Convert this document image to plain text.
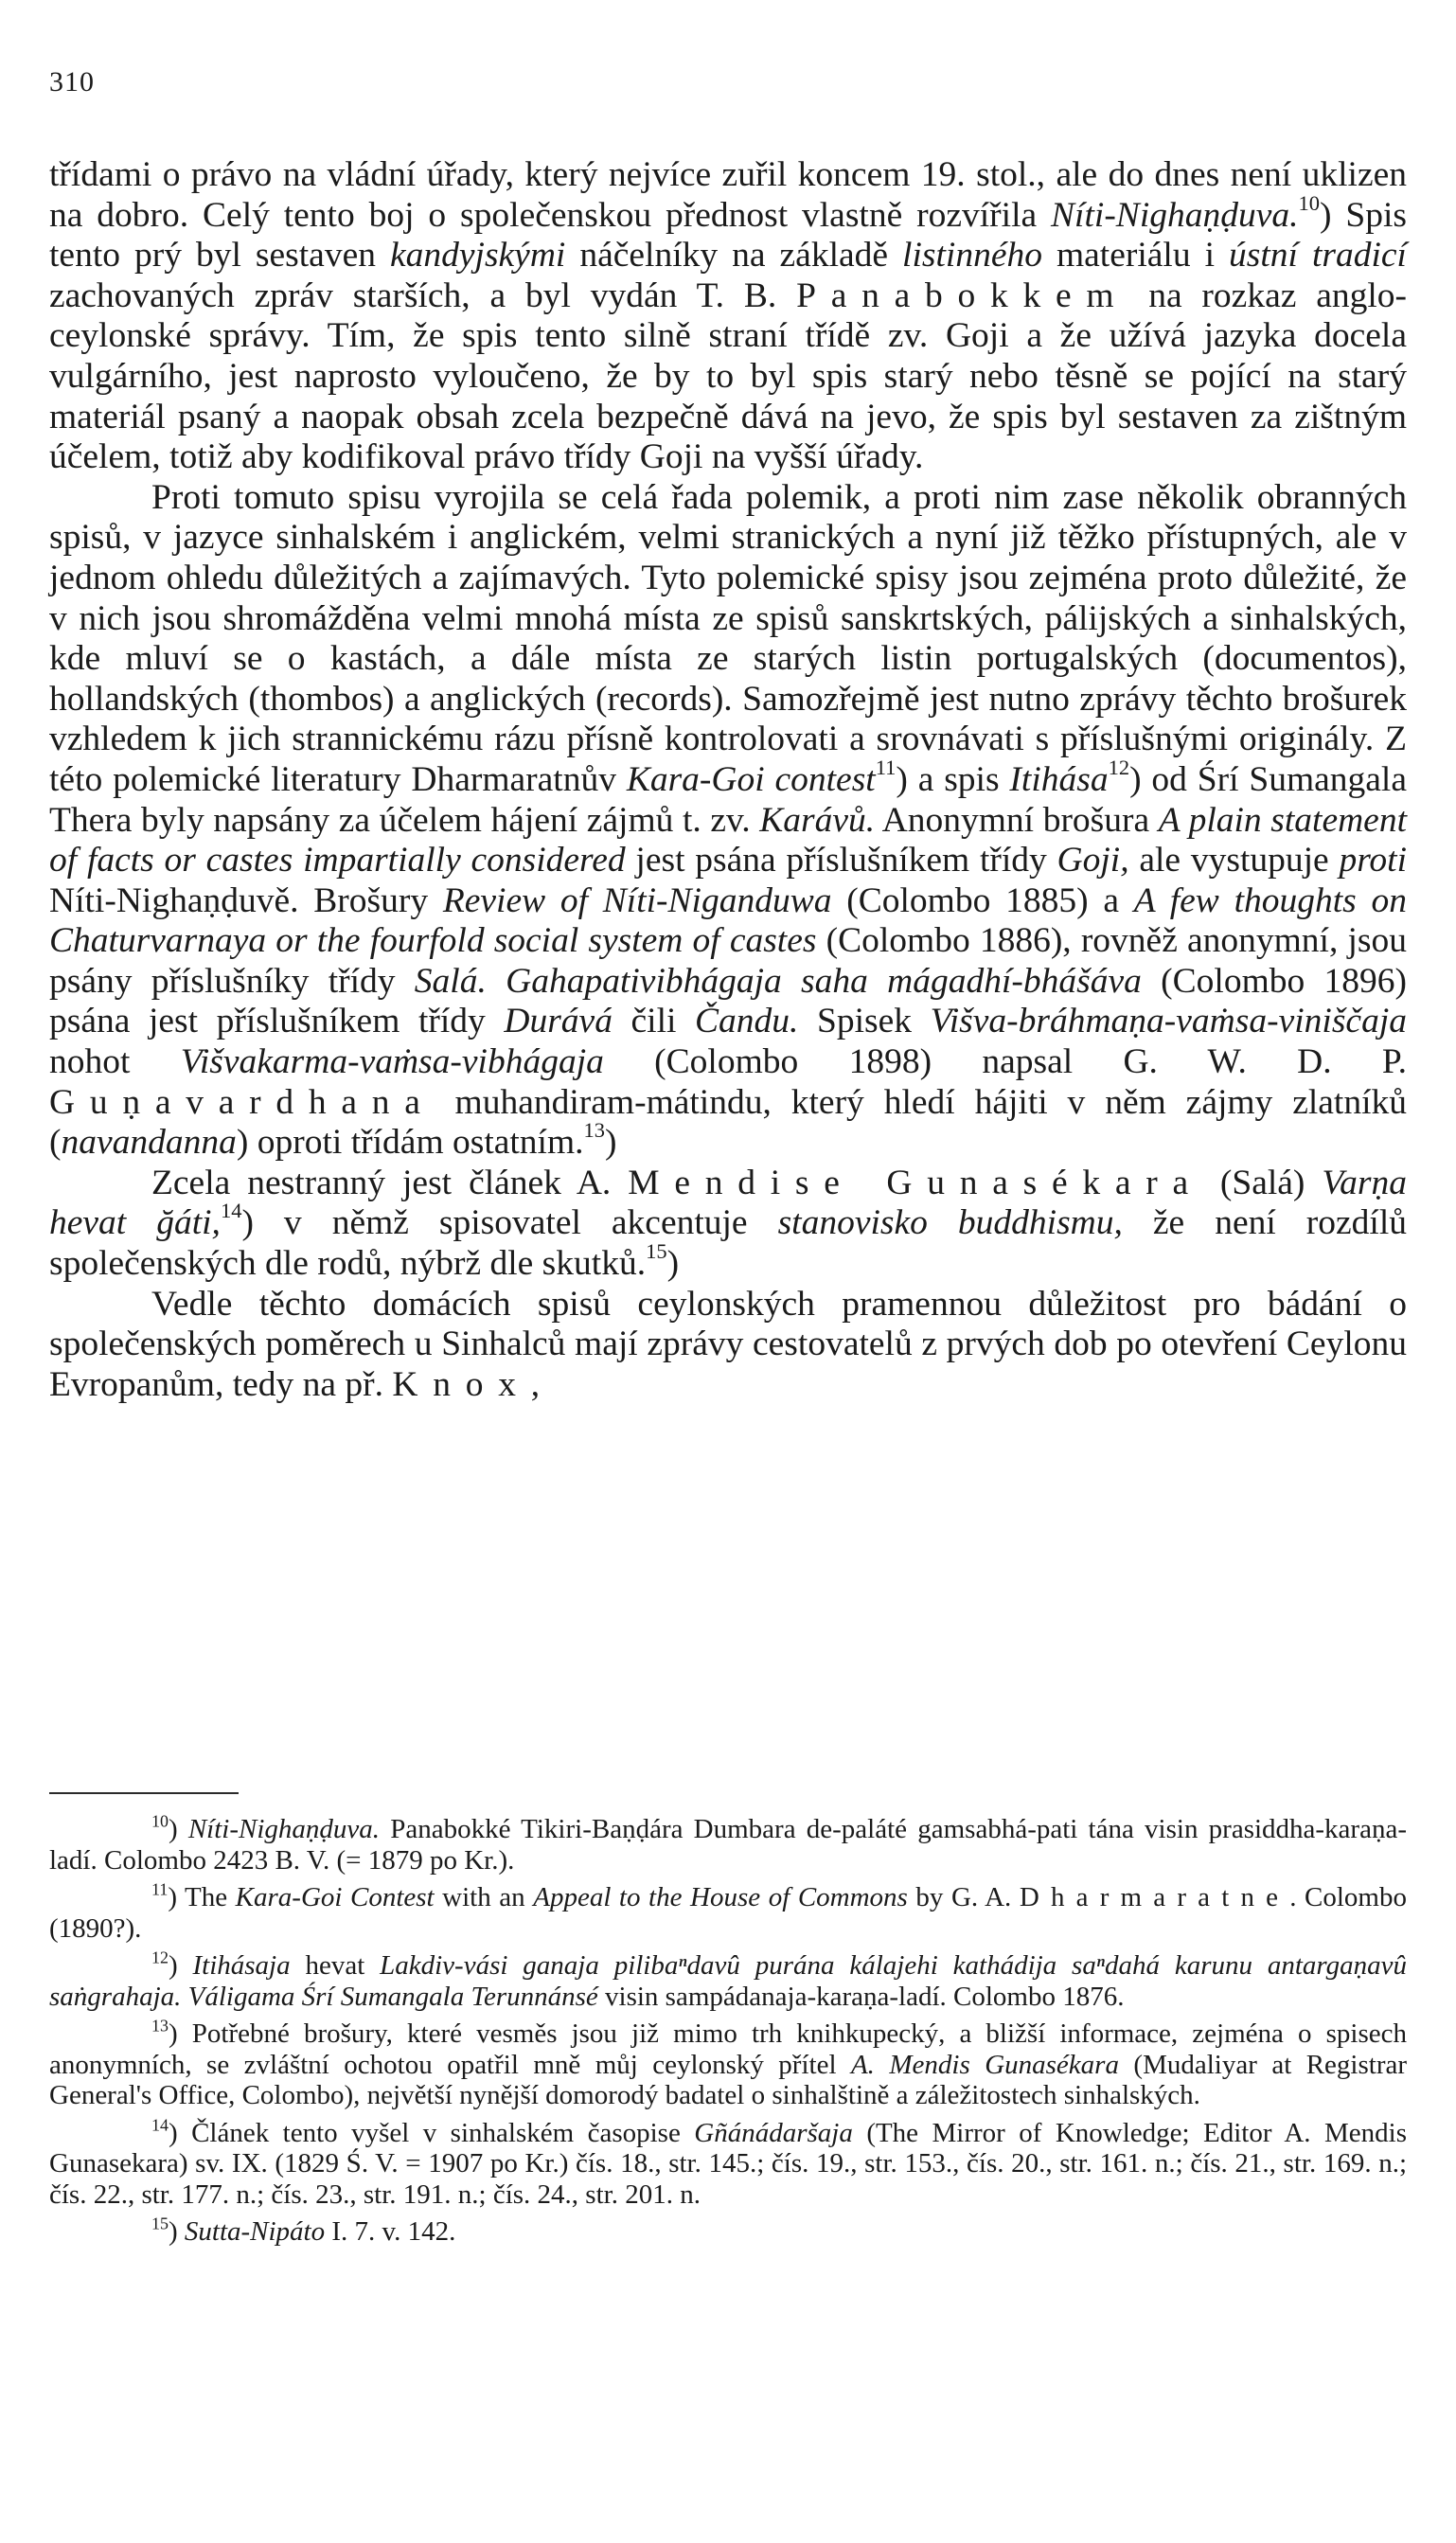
310

třídami o právo na vládní úřady, který nejvíce zuřil koncem 19. stol., ale do dnes není uklizen na dobro. Celý tento boj o společenskou přednost vlastně rozvířila Níti-Nighaṇḍuva.$^{10}$) Spis tento prý byl sestaven kandyjskými náčelníky na základě listinného materiálu i ústní tradicí zachovaných zpráv starších, a byl vydán T. B. Panabokkem na rozkaz anglo-ceylonské správy. Tím, že spis tento silně straní třídě zv. Goji a že užívá jazyka docela vulgárního, jest naprosto vyloučeno, že by to byl spis starý nebo těsně se pojící na starý materiál psaný a naopak obsah zcela bezpečně dává na jevo, že spis byl sestaven za zištným účelem, totiž aby kodifikoval právo třídy Goji na vyšší úřady.

Proti tomuto spisu vyrojila se celá řada polemik, a proti nim zase několik obranných spisů, v jazyce sinhalském i anglickém, velmi stranických a nyní již těžko přístupných, ale v jednom ohledu důležitých a zajímavých. Tyto polemické spisy jsou zejména proto důležité, že v nich jsou shromážděna velmi mnohá místa ze spisů sanskrtských, pálijských a sinhalských, kde mluví se o kastách, a dále místa ze starých listin portugalských (documentos), hollandských (thombos) a anglických (records). Samozřejmě jest nutno zprávy těchto brošurek vzhledem k jich strannickému rázu přísně kontrolovati a srovnávati s příslušnými originály. Z této polemické literatury Dharmaratnův Kara-Goi contest$^{11}$) a spis Itihása$^{12}$) od Śrí Sumangala Thera byly napsány za účelem hájení zájmů t. zv. Karávů. Anonymní brošura A plain statement of facts or castes impartially considered jest psána příslušníkem třídy Goji, ale vystupuje proti Níti-Nighaṇḍuvě. Brošury Review of Níti-Niganduwa (Colombo 1885) a A few thoughts on Chaturvarnaya or the fourfold social system of castes (Colombo 1886), rovněž anonymní, jsou psány příslušníky třídy Salá. Gahapativibhágaja saha mágadhí-bhášáva (Colombo 1896) psána jest příslušníkem třídy Durává čili Čandu. Spisek Višva-bráhmaṇa-vaṁsa-viniščaja nohot Višvakarma-vaṁsa-vibhágaja (Colombo 1898) napsal G. W. D. P. Guṇavardhana muhandiram-mátindu, který hledí hájiti v něm zájmy zlatníků (navandanna) oproti třídám ostatním.$^{13}$)

Zcela nestranný jest článek A. Mendise Gunasékara (Salá) Varṇa hevat ğáti,$^{14}$) v němž spisovatel akcentuje stanovisko buddhismu, že není rozdílů společenských dle rodů, nýbrž dle skutků.$^{15}$)

Vedle těchto domácích spisů ceylonských pramennou důležitost pro bádání o společenských poměrech u Sinhalců mají zprávy cestovatelů z prvých dob po otevření Ceylonu Evropanům, tedy na př. Knox,

$^{10}$) Níti-Nighaṇḍuva. Panabokké Tikiri-Baṇḍára Dumbara de-paláté gamsabhá-pati tána visin prasiddha-karaṇa-ladí. Colombo 2423 B. V. (= 1879 po Kr.).

$^{11}$) The Kara-Goi Contest with an Appeal to the House of Commons by G. A. Dharmaratne. Colombo (1890?).

$^{12}$) Itihásaja hevat Lakdiv-vási ganaja pilibaⁿdavû purána kálajehi kathádija saⁿdahá karunu antargaṇavû saṅgrahaja. Váligama Śrí Sumangala Terunnánsé visin sampádanaja-karaṇa-ladí. Colombo 1876.

$^{13}$) Potřebné brošury, které vesměs jsou již mimo trh knihkupecký, a bližší informace, zejména o spisech anonymních, se zvláštní ochotou opatřil mně můj ceylonský přítel A. Mendis Gunasékara (Mudaliyar at Registrar General's Office, Colombo), největší nynější domorodý badatel o sinhalštině a záležitostech sinhalských.

$^{14}$) Článek tento vyšel v sinhalském časopise Gñánádaršaja (The Mirror of Knowledge; Editor A. Mendis Gunasekara) sv. IX. (1829 Ś. V. = 1907 po Kr.) čís. 18., str. 145.; čís. 19., str. 153., čís. 20., str. 161. n.; čís. 21., str. 169. n.; čís. 22., str. 177. n.; čís. 23., str. 191. n.; čís. 24., str. 201. n.

$^{15}$) Sutta-Nipáto I. 7. v. 142.
